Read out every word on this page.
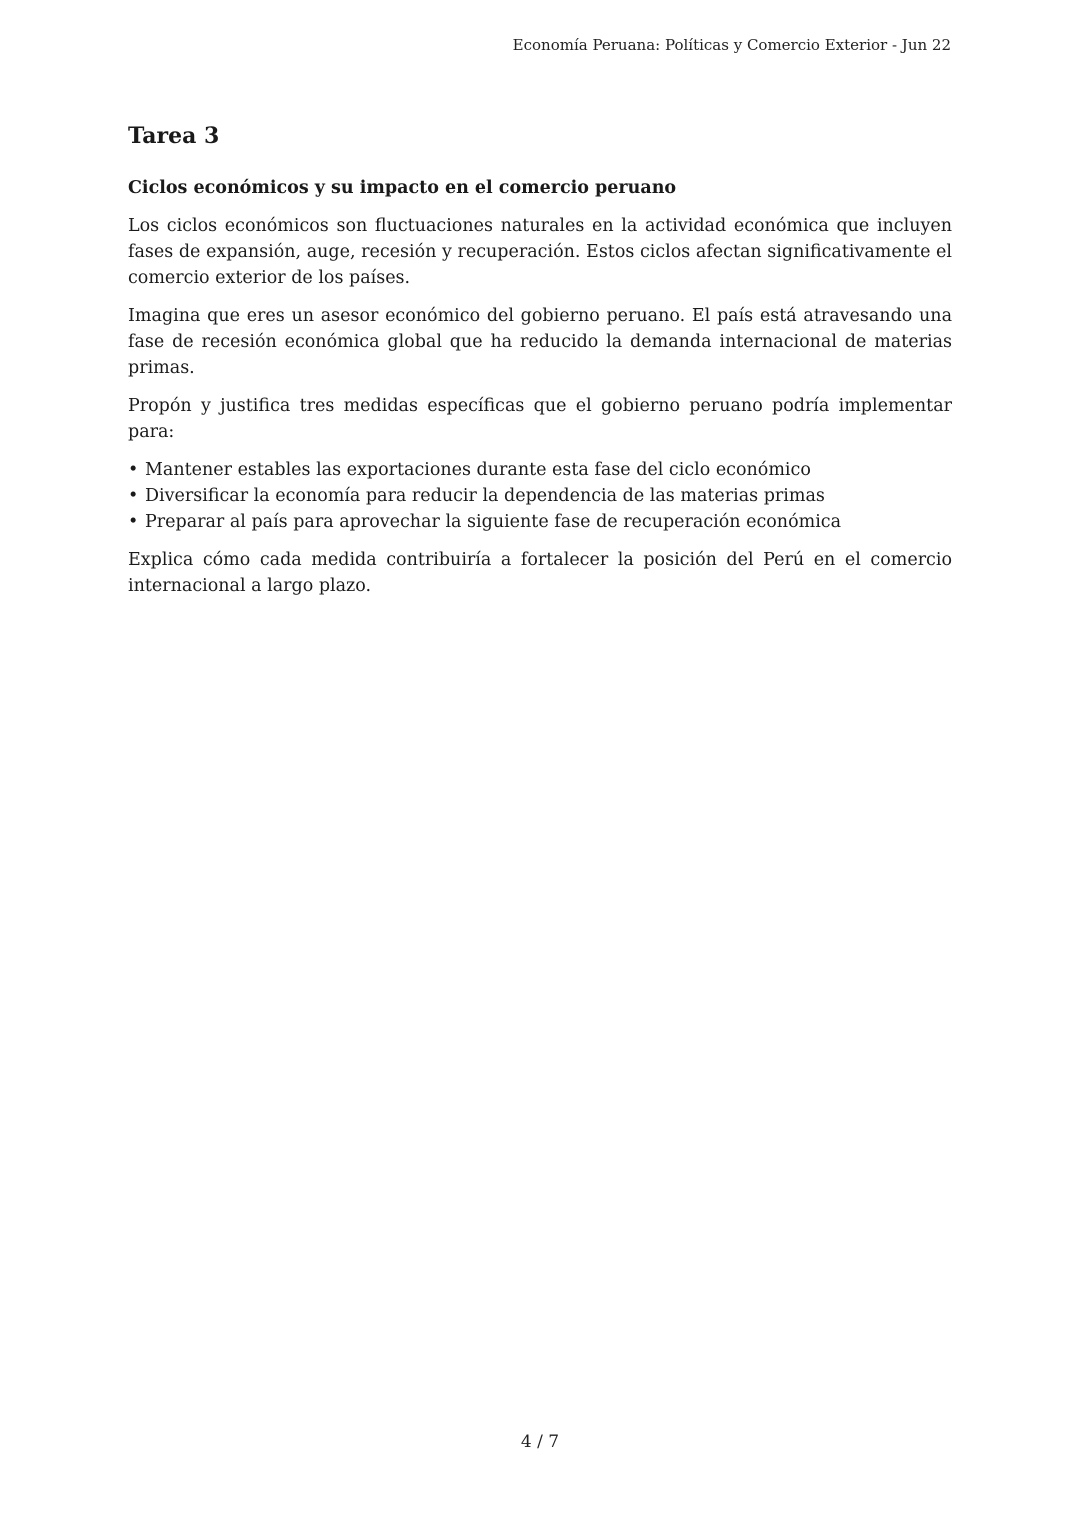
Economía Peruana: Políticas y Comercio Exterior - Jun 22
Tarea 3
Ciclos económicos y su impacto en el comercio peruano

Los ciclos económicos son fluctuaciones naturales en la actividad económica que incluyen fases de expansión, auge, recesión y recuperación. Estos ciclos afectan significativamente el comercio exterior de los países.

Imagina que eres un asesor económico del gobierno peruano. El país está atravesando una fase de recesión económica global que ha reducido la demanda internacional de materias primas.

Propón y justifica tres medidas específicas que el gobierno peruano podría implementar para:

• Mantener estables las exportaciones durante esta fase del ciclo económico
• Diversificar la economía para reducir la dependencia de las materias primas
• Preparar al país para aprovechar la siguiente fase de recuperación económica

Explica cómo cada medida contribuiría a fortalecer la posición del Perú en el comercio internacional a largo plazo.

4 / 7
